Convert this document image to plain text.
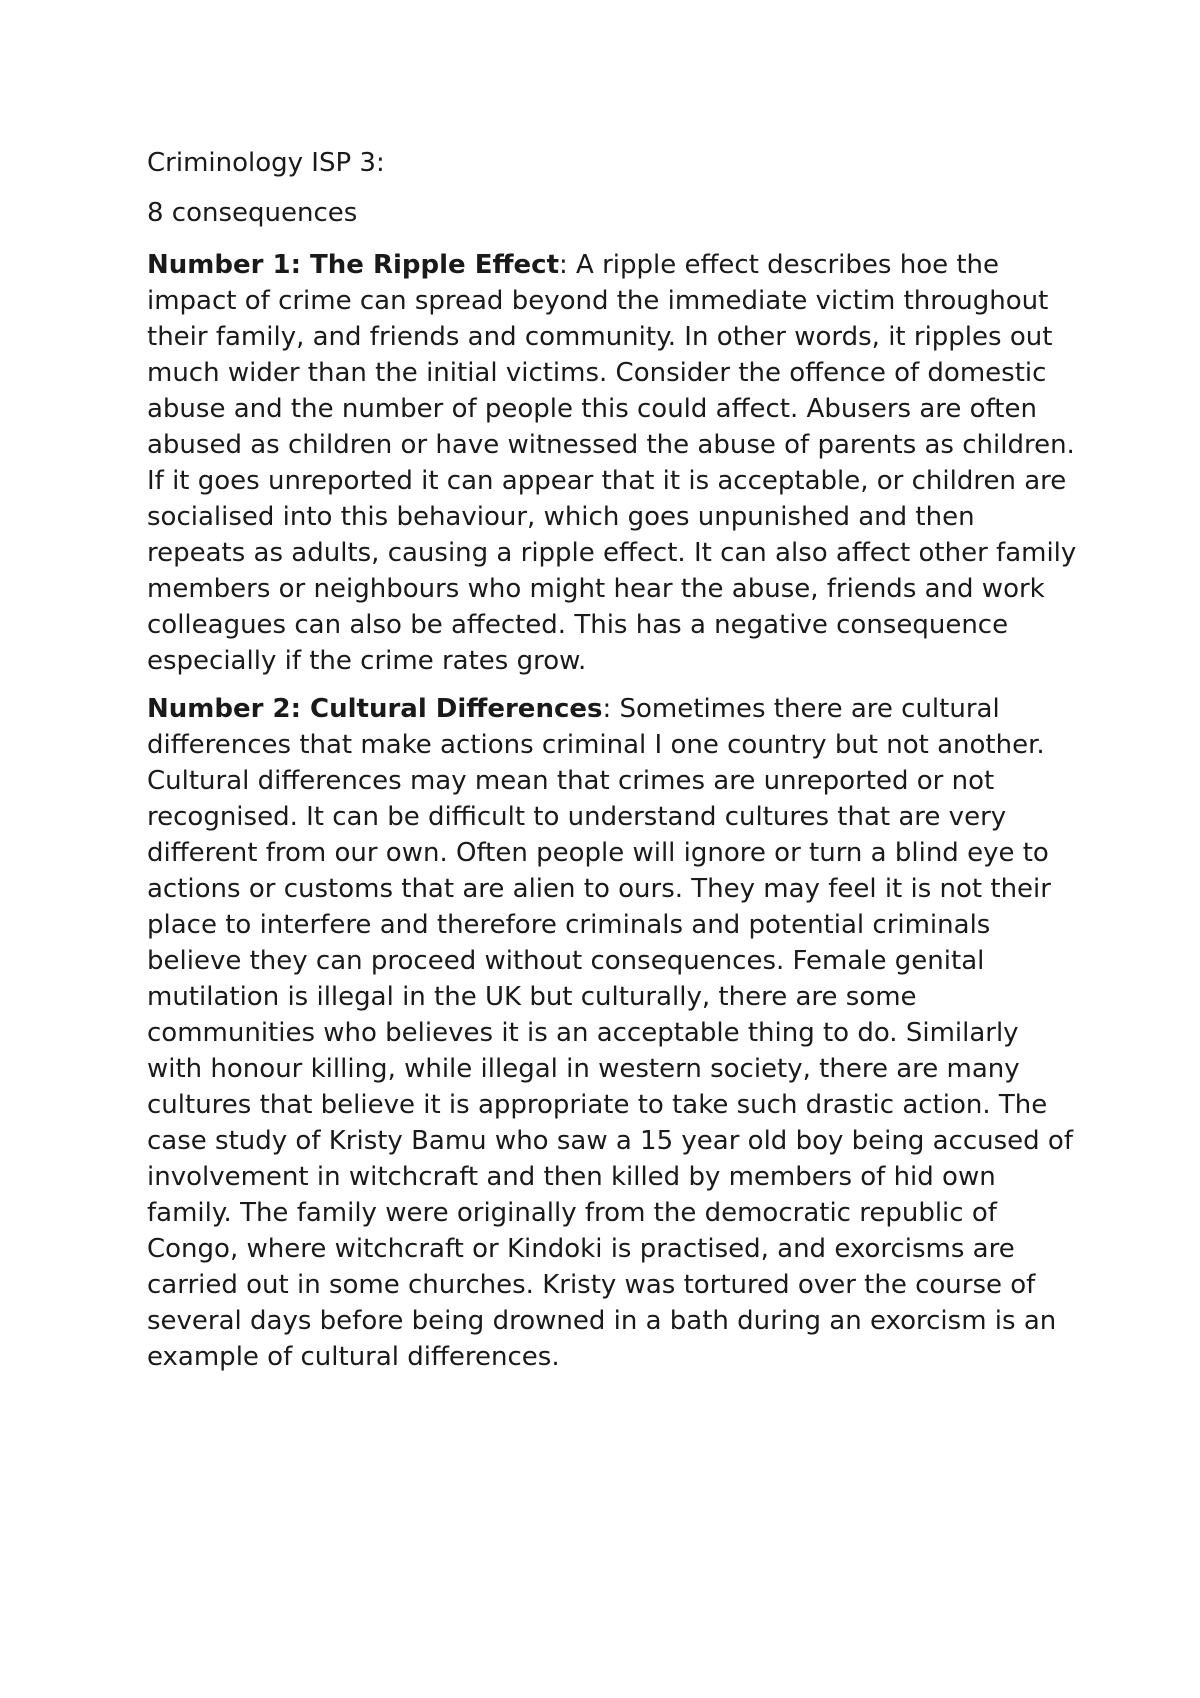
Criminology ISP 3:

8 consequences

Number 1: The Ripple Effect: A ripple effect describes hoe the impact of crime can spread beyond the immediate victim throughout their family, and friends and community. In other words, it ripples out much wider than the initial victims. Consider the offence of domestic abuse and the number of people this could affect. Abusers are often abused as children or have witnessed the abuse of parents as children. If it goes unreported it can appear that it is acceptable, or children are socialised into this behaviour, which goes unpunished and then repeats as adults, causing a ripple effect. It can also affect other family members or neighbours who might hear the abuse, friends and work colleagues can also be affected. This has a negative consequence especially if the crime rates grow.

Number 2: Cultural Differences: Sometimes there are cultural differences that make actions criminal I one country but not another. Cultural differences may mean that crimes are unreported or not recognised. It can be difficult to understand cultures that are very different from our own. Often people will ignore or turn a blind eye to actions or customs that are alien to ours. They may feel it is not their place to interfere and therefore criminals and potential criminals believe they can proceed without consequences. Female genital mutilation is illegal in the UK but culturally, there are some communities who believes it is an acceptable thing to do. Similarly with honour killing, while illegal in western society, there are many cultures that believe it is appropriate to take such drastic action. The case study of Kristy Bamu who saw a 15 year old boy being accused of involvement in witchcraft and then killed by members of hid own family. The family were originally from the democratic republic of Congo, where witchcraft or Kindoki is practised, and exorcisms are carried out in some churches. Kristy was tortured over the course of several days before being drowned in a bath during an exorcism is an example of cultural differences.
